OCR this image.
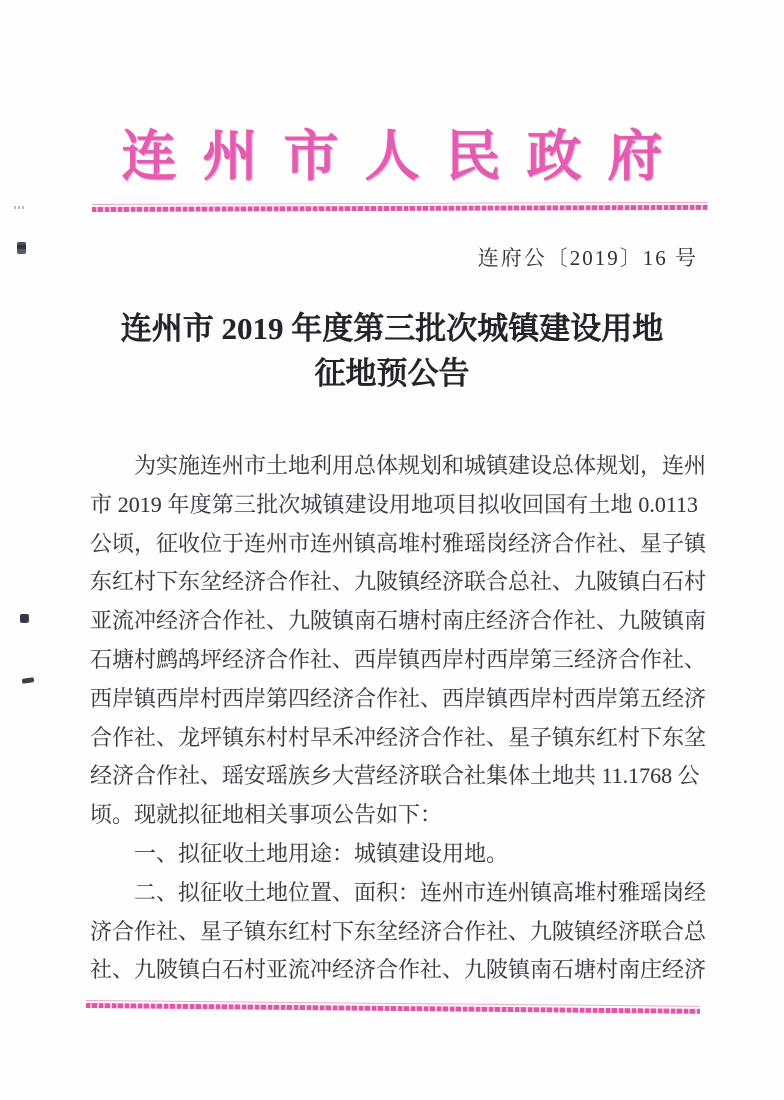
连州市人民政府
连府公〔2019〕16 号
连州市 2019 年度第三批次城镇建设用地
征地预公告
为实施连州市土地利用总体规划和城镇建设总体规划，连州
市 2019 年度第三批次城镇建设用地项目拟收回国有土地 0.0113
公顷，征收位于连州市连州镇高堆村雅瑶岗经济合作社、星子镇
东红村下东坌经济合作社、九陂镇经济联合总社、九陂镇白石村
亚流冲经济合作社、九陂镇南石塘村南庄经济合作社、九陂镇南
石塘村鹧鸪坪经济合作社、西岸镇西岸村西岸第三经济合作社、
西岸镇西岸村西岸第四经济合作社、西岸镇西岸村西岸第五经济
合作社、龙坪镇东村村早禾冲经济合作社、星子镇东红村下东坌
经济合作社、瑶安瑶族乡大营经济联合社集体土地共 11.1768 公
顷。现就拟征地相关事项公告如下：
一、拟征收土地用途：城镇建设用地。
二、拟征收土地位置、面积：连州市连州镇高堆村雅瑶岗经
济合作社、星子镇东红村下东坌经济合作社、九陂镇经济联合总
社、九陂镇白石村亚流冲经济合作社、九陂镇南石塘村南庄经济
